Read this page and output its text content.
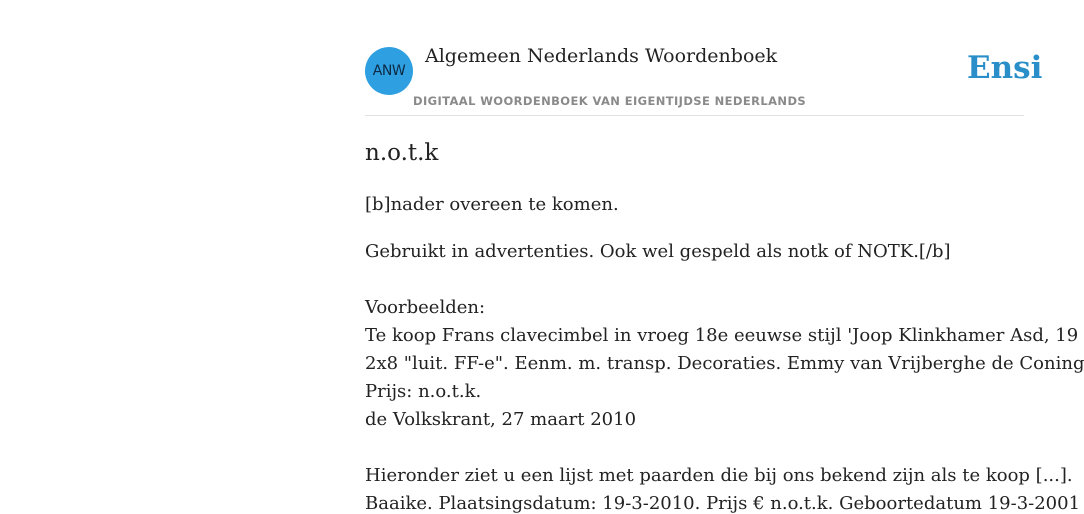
ANW
Algemeen Nederlands Woordenboek
DIGITAAL WOORDENBOEK VAN EIGENTIJDSE NEDERLANDS
Ensi
n.o.t.k
[b]nader overeen te komen.
Gebruikt in advertenties. Ook wel gespeld als notk of NOTK.[/b]
Voorbeelden:
Te koop Frans clavecimbel in vroeg 18e eeuwse stijl 'Joop Klinkhamer Asd, 19
2x8 "luit. FF-e". Eenm. m. transp. Decoraties. Emmy van Vrijberghe de Coning
Prijs: n.o.t.k.
de Volkskrant, 27 maart 2010
Hieronder ziet u een lijst met paarden die bij ons bekend zijn als te koop [...].
Baaike. Plaatsingsdatum: 19-3-2010. Prijs € n.o.t.k. Geboortedatum 19-3-2001
